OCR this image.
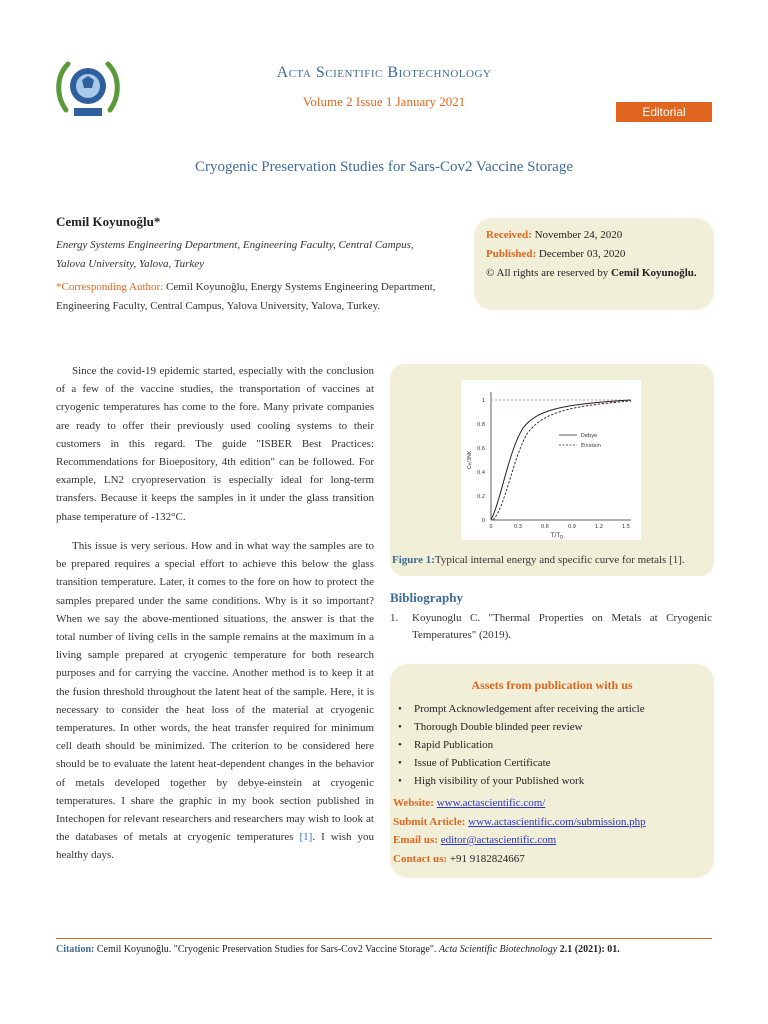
Acta Scientific Biotechnology
Volume 2 Issue 1 January 2021
Editorial
Cryogenic Preservation Studies for Sars-Cov2 Vaccine Storage
Cemil Koyunoğlu*
Energy Systems Engineering Department, Engineering Faculty, Central Campus, Yalova University, Yalova, Turkey
*Corresponding Author: Cemil Koyunoğlu, Energy Systems Engineering Department, Engineering Faculty, Central Campus, Yalova University, Yalova, Turkey.
Received: November 24, 2020
Published: December 03, 2020
© All rights are reserved by Cemil Koyunoğlu.
Since the covid-19 epidemic started, especially with the conclusion of a few of the vaccine studies, the transportation of vaccines at cryogenic temperatures has come to the fore. Many private companies are ready to offer their previously used cooling systems to their customers in this regard. The guide "ISBER Best Practices: Recommendations for Bioepository, 4th edition" can be followed. For example, LN2 cryopreservation is especially ideal for long-term transfers. Because it keeps the samples in it under the glass transition phase temperature of -132°C.
This issue is very serious. How and in what way the samples are to be prepared requires a special effort to achieve this below the glass transition temperature. Later, it comes to the fore on how to protect the samples prepared under the same conditions. Why is it so important? When we say the above-mentioned situations, the answer is that the total number of living cells in the sample remains at the maximum in a living sample prepared at cryogenic temperature for both research purposes and for carrying the vaccine. Another method is to keep it at the fusion threshold throughout the latent heat of the sample. Here, it is necessary to consider the heat loss of the material at cryogenic temperatures. In other words, the heat transfer required for minimum cell death should be minimized. The criterion to be considered here should be to evaluate the latent heat-dependent changes in the behavior of metals developed together by debye-einstein at cryogenic temperatures. I share the graphic in my book section published in Intechopen for relevant researchers and researchers may wish to look at the databases of metals at cryogenic temperatures [1]. I wish you healthy days.
0
0.2
0.4
0.6
0.8
1
0	0.3	0.6	0.9	1.2	1.5
$T/T_D$
Cv/3NK
Debye
Einstein
Figure 1:Typical internal energy and specific curve for metals [1].
Bibliography
1. Koyunoglu C. "Thermal Properties on Metals at Cryogenic Temperatures" (2019).
Assets from publication with us
• Prompt Acknowledgement after receiving the article
• Thorough Double blinded peer review
• Rapid Publication
• Issue of Publication Certificate
• High visibility of your Published work
Website: www.actascientific.com/
Submit Article: www.actascientific.com/submission.php
Email us: editor@actascientific.com
Contact us: +91 9182824667
Citation: Cemil Koyunoğlu. "Cryogenic Preservation Studies for Sars-Cov2 Vaccine Storage". Acta Scientific Biotechnology 2.1 (2021): 01.
